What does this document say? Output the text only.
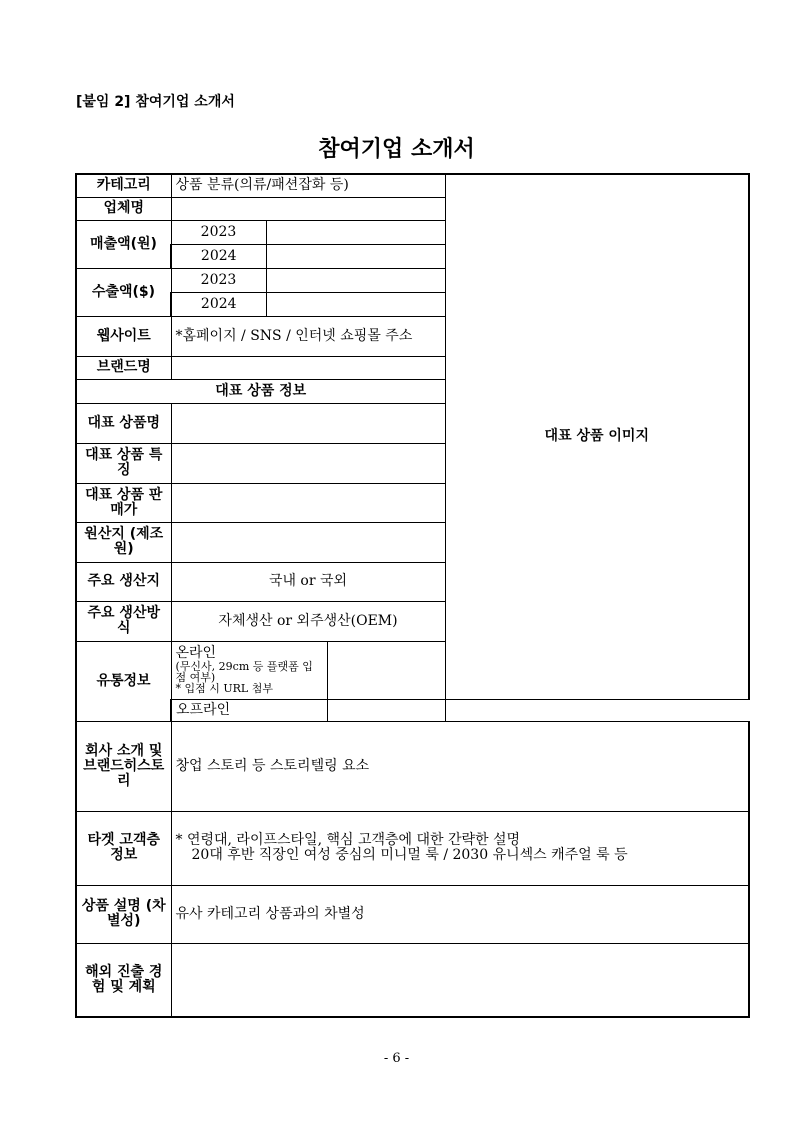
[붙임 2] 참여기업 소개서
참여기업 소개서
카테고리	상품 분류(의류/패션잡화 등)			대표 상품 이미지
업체명				
매출액(원)	2023			
	2024			
수출액($)	2023			
	2024			
웹사이트	*홈페이지 / SNS / 인터넷 쇼핑몰 주소			
브랜드명				
대표 상품 정보				
대표 상품명				
대표 상품 특징				
대표 상품 판매가				
원산지 (제조원)				
주요 생산지	국내 or 국외			
주요 생산방식	자체생산 or 외주생산(OEM)			
유통정보	온라인
(무신사, 29cm 등 플랫폼 입점 여부)
* 입점 시 URL 첨부			

	오프라인			
회사 소개 및 브랜드히스토리	창업 스토리 등 스토리텔링 요소			
타겟 고객층 정보	* 연령대, 라이프스타일, 핵심 고객층에 대한 간략한 설명
20대 후반 직장인 여성 중심의 미니멀 룩 / 2030 유니섹스 캐주얼 룩 등			

상품 설명 (차별성)	유사 카테고리 상품과의 차별성			
해외 진출 경험 및 계획				
- 6 -
